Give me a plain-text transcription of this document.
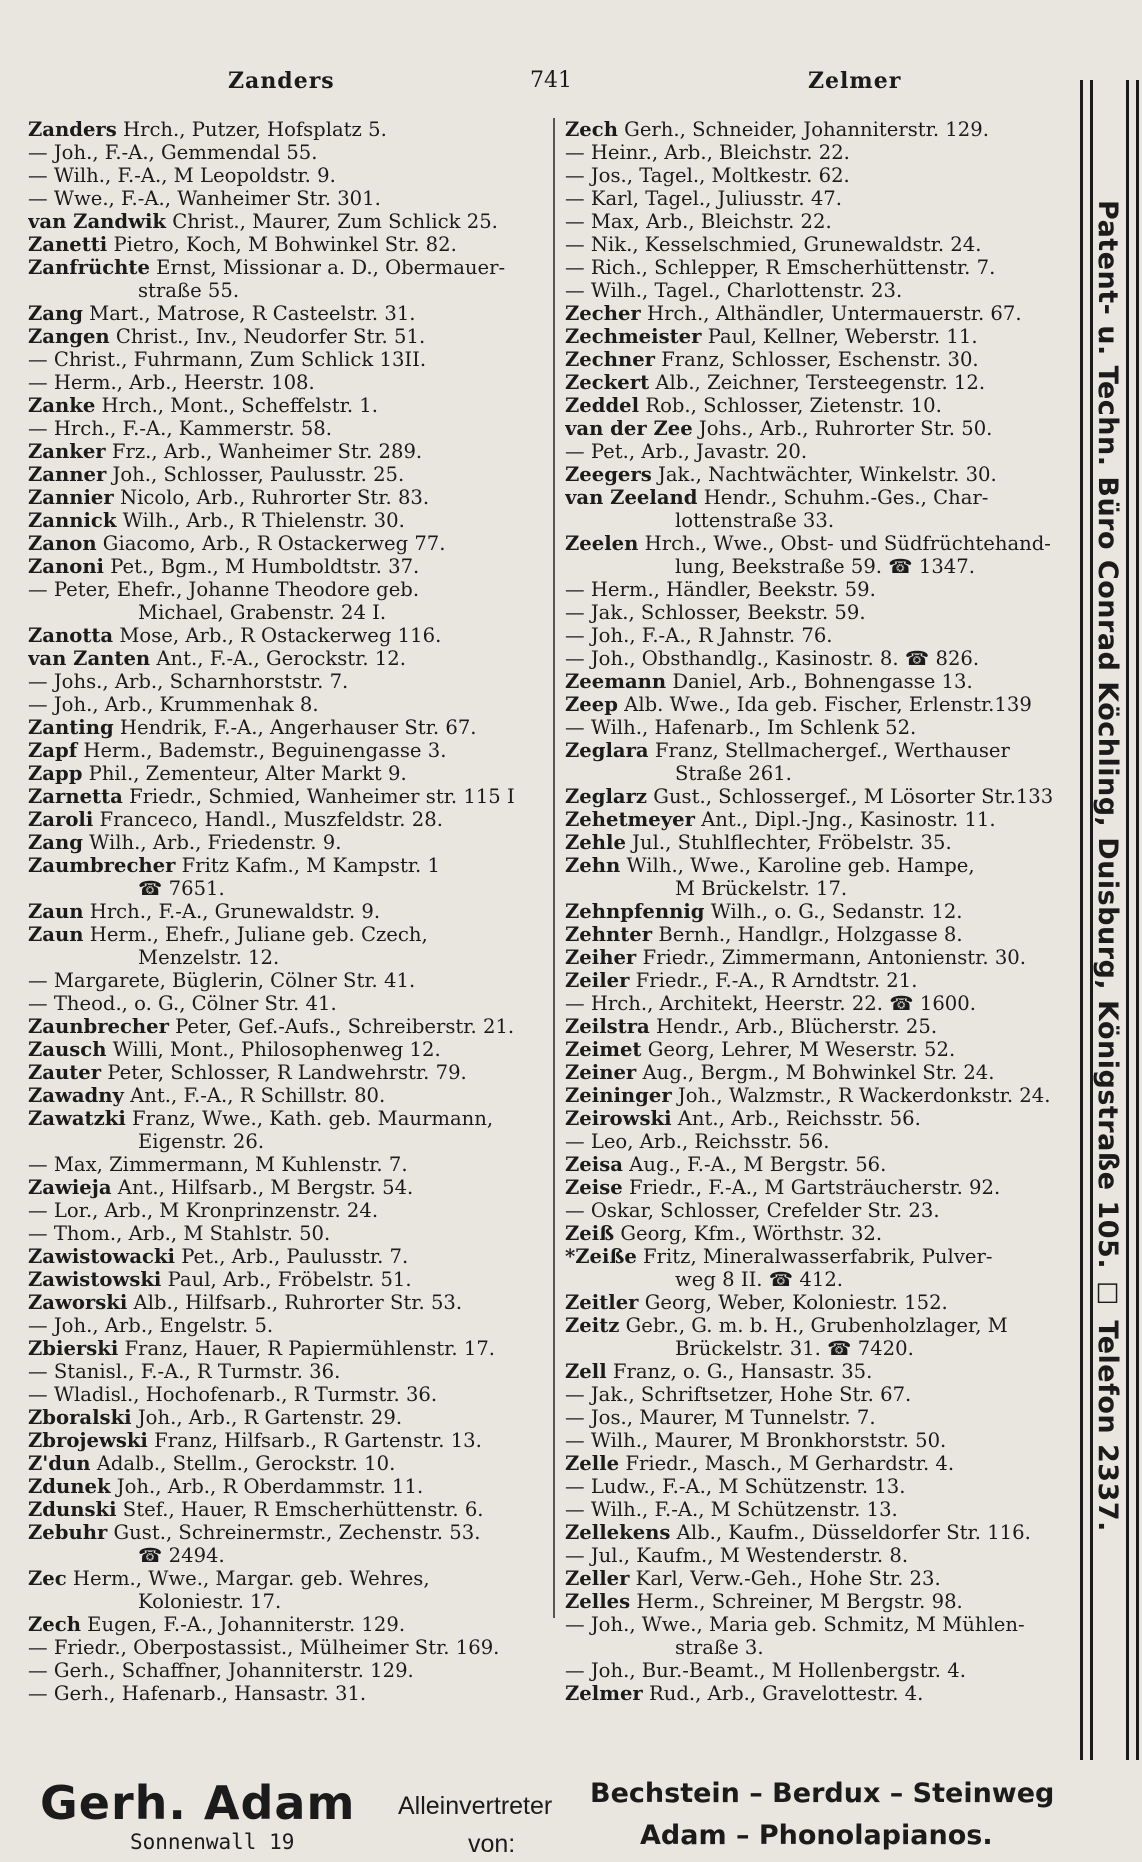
Zanders	741	Zelmer
Zanders Hrch., Putzer, Hofsplatz 5.
— Joh., F.-A., Gemmendal 55.
— Wilh., F.-A., M Leopoldstr. 9.
— Wwe., F.-A., Wanheimer Str. 301.
van Zandwik Christ., Maurer, Zum Schlick 25.
Zanetti Pietro, Koch, M Bohwinkel Str. 82.
Zanfrüchte Ernst, Missionar a. D., Obermauer-
straße 55.
Zang Mart., Matrose, R Casteelstr. 31.
Zangen Christ., Inv., Neudorfer Str. 51.
— Christ., Fuhrmann, Zum Schlick 13II.
— Herm., Arb., Heerstr. 108.
Zanke Hrch., Mont., Scheffelstr. 1.
— Hrch., F.-A., Kammerstr. 58.
Zanker Frz., Arb., Wanheimer Str. 289.
Zanner Joh., Schlosser, Paulusstr. 25.
Zannier Nicolo, Arb., Ruhrorter Str. 83.
Zannick Wilh., Arb., R Thielenstr. 30.
Zanon Giacomo, Arb., R Ostackerweg 77.
Zanoni Pet., Bgm., M Humboldtstr. 37.
— Peter, Ehefr., Johanne Theodore geb.
Michael, Grabenstr. 24 I.
Zanotta Mose, Arb., R Ostackerweg 116.
van Zanten Ant., F.-A., Gerockstr. 12.
— Johs., Arb., Scharnhorststr. 7.
— Joh., Arb., Krummenhak 8.
Zanting Hendrik, F.-A., Angerhauser Str. 67.
Zapf Herm., Bademstr., Beguinengasse 3.
Zapp Phil., Zementeur, Alter Markt 9.
Zarnetta Friedr., Schmied, Wanheimer str. 115 I
Zaroli Franceco, Handl., Muszfeldstr. 28.
Zang Wilh., Arb., Friedenstr. 9.
Zaumbrecher Fritz Kafm., M Kampstr. 1
☎ 7651.
Zaun Hrch., F.-A., Grunewaldstr. 9.
Zaun Herm., Ehefr., Juliane geb. Czech,
Menzelstr. 12.
— Margarete, Büglerin, Cölner Str. 41.
— Theod., o. G., Cölner Str. 41.
Zaunbrecher Peter, Gef.-Aufs., Schreiberstr. 21.
Zausch Willi, Mont., Philosophenweg 12.
Zauter Peter, Schlosser, R Landwehrstr. 79.
Zawadny Ant., F.-A., R Schillstr. 80.
Zawatzki Franz, Wwe., Kath. geb. Maurmann,
Eigenstr. 26.
— Max, Zimmermann, M Kuhlenstr. 7.
Zawieja Ant., Hilfsarb., M Bergstr. 54.
— Lor., Arb., M Kronprinzenstr. 24.
— Thom., Arb., M Stahlstr. 50.
Zawistowacki Pet., Arb., Paulusstr. 7.
Zawistowski Paul, Arb., Fröbelstr. 51.
Zaworski Alb., Hilfsarb., Ruhrorter Str. 53.
— Joh., Arb., Engelstr. 5.
Zbierski Franz, Hauer, R Papiermühlenstr. 17.
— Stanisl., F.-A., R Turmstr. 36.
— Wladisl., Hochofenarb., R Turmstr. 36.
Zboralski Joh., Arb., R Gartenstr. 29.
Zbrojewski Franz, Hilfsarb., R Gartenstr. 13.
Z'dun Adalb., Stellm., Gerockstr. 10.
Zdunek Joh., Arb., R Oberdammstr. 11.
Zdunski Stef., Hauer, R Emscherhüttenstr. 6.
Zebuhr Gust., Schreinermstr., Zechenstr. 53.
☎ 2494.
Zec Herm., Wwe., Margar. geb. Wehres,
Koloniestr. 17.
Zech Eugen, F.-A., Johanniterstr. 129.
— Friedr., Oberpostassist., Mülheimer Str. 169.
— Gerh., Schaffner, Johanniterstr. 129.
— Gerh., Hafenarb., Hansastr. 31.
Zech Gerh., Schneider, Johanniterstr. 129.
— Heinr., Arb., Bleichstr. 22.
— Jos., Tagel., Moltkestr. 62.
— Karl, Tagel., Juliusstr. 47.
— Max, Arb., Bleichstr. 22.
— Nik., Kesselschmied, Grunewaldstr. 24.
— Rich., Schlepper, R Emscherhüttenstr. 7.
— Wilh., Tagel., Charlottenstr. 23.
Zecher Hrch., Althändler, Untermauerstr. 67.
Zechmeister Paul, Kellner, Weberstr. 11.
Zechner Franz, Schlosser, Eschenstr. 30.
Zeckert Alb., Zeichner, Tersteegenstr. 12.
Zeddel Rob., Schlosser, Zietenstr. 10.
van der Zee Johs., Arb., Ruhrorter Str. 50.
— Pet., Arb., Javastr. 20.
Zeegers Jak., Nachtwächter, Winkelstr. 30.
van Zeeland Hendr., Schuhm.-Ges., Char-
lottenstraße 33.
Zeelen Hrch., Wwe., Obst- und Südfrüchtehand-
lung, Beekstraße 59. ☎ 1347.
— Herm., Händler, Beekstr. 59.
— Jak., Schlosser, Beekstr. 59.
— Joh., F.-A., R Jahnstr. 76.
— Joh., Obsthandlg., Kasinostr. 8. ☎ 826.
Zeemann Daniel, Arb., Bohnengasse 13.
Zeep Alb. Wwe., Ida geb. Fischer, Erlenstr.139
— Wilh., Hafenarb., Im Schlenk 52.
Zeglara Franz, Stellmachergef., Werthauser
Straße 261.
Zeglarz Gust., Schlossergef., M Lösorter Str.133
Zehetmeyer Ant., Dipl.-Jng., Kasinostr. 11.
Zehle Jul., Stuhlflechter, Fröbelstr. 35.
Zehn Wilh., Wwe., Karoline geb. Hampe,
M Brückelstr. 17.
Zehnpfennig Wilh., o. G., Sedanstr. 12.
Zehnter Bernh., Handlgr., Holzgasse 8.
Zeiher Friedr., Zimmermann, Antonienstr. 30.
Zeiler Friedr., F.-A., R Arndtstr. 21.
— Hrch., Architekt, Heerstr. 22. ☎ 1600.
Zeilstra Hendr., Arb., Blücherstr. 25.
Zeimet Georg, Lehrer, M Weserstr. 52.
Zeiner Aug., Bergm., M Bohwinkel Str. 24.
Zeininger Joh., Walzmstr., R Wackerdonkstr. 24.
Zeirowski Ant., Arb., Reichsstr. 56.
— Leo, Arb., Reichsstr. 56.
Zeisa Aug., F.-A., M Bergstr. 56.
Zeise Friedr., F.-A., M Gartsträucherstr. 92.
— Oskar, Schlosser, Crefelder Str. 23.
Zeiß Georg, Kfm., Wörthstr. 32.
*Zeiße Fritz, Mineralwasserfabrik, Pulver-
weg 8 II. ☎ 412.
Zeitler Georg, Weber, Koloniestr. 152.
Zeitz Gebr., G. m. b. H., Grubenholzlager, M
Brückelstr. 31. ☎ 7420.
Zell Franz, o. G., Hansastr. 35.
— Jak., Schriftsetzer, Hohe Str. 67.
— Jos., Maurer, M Tunnelstr. 7.
— Wilh., Maurer, M Bronkhorststr. 50.
Zelle Friedr., Masch., M Gerhardstr. 4.
— Ludw., F.-A., M Schützenstr. 13.
— Wilh., F.-A., M Schützenstr. 13.
Zellekens Alb., Kaufm., Düsseldorfer Str. 116.
— Jul., Kaufm., M Westenderstr. 8.
Zeller Karl, Verw.-Geh., Hohe Str. 23.
Zelles Herm., Schreiner, M Bergstr. 98.
— Joh., Wwe., Maria geb. Schmitz, M Mühlen-
straße 3.
— Joh., Bur.-Beamt., M Hollenbergstr. 4.
Zelmer Rud., Arb., Gravelottestr. 4.
Patent- u. Techn. Büro Conrad Köchling, Duisburg, Königstraße 105. ☐ Telefon 2337.
Gerh. Adam
Sonnenwall 19
Alleinvertreter
von:
Bechstein – Berdux – Steinweg
Adam – Phonolapianos.
